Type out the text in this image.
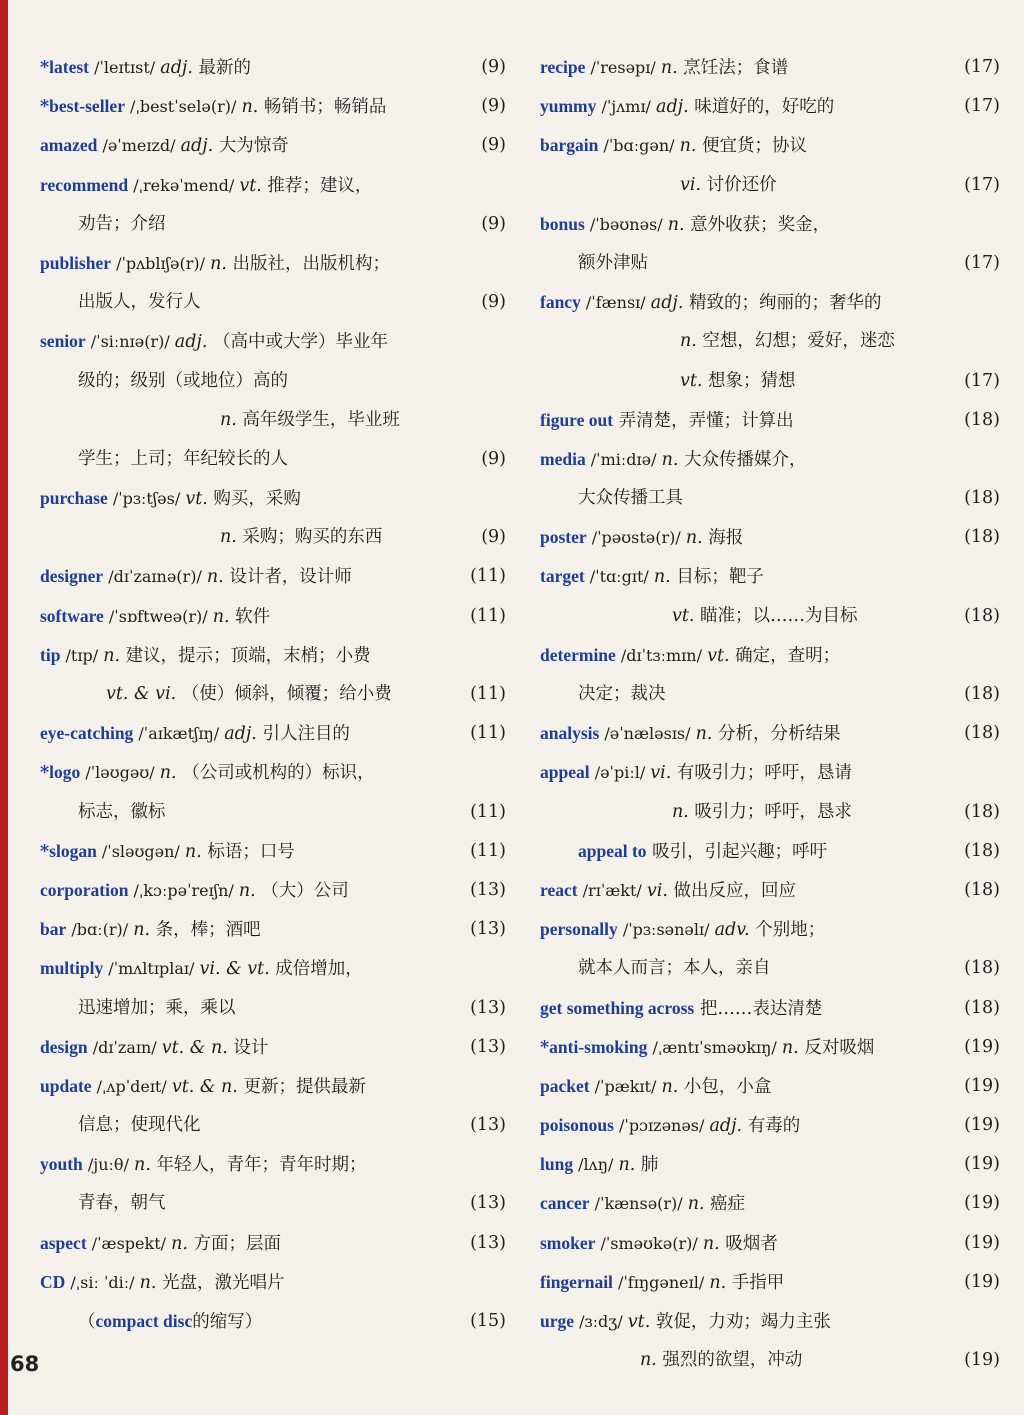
*latest /ˈleɪtɪst/ adj. 最新的	(9)
*best-seller /ˌbestˈselə(r)/ n. 畅销书；畅销品	(9)
amazed /əˈmeɪzd/ adj. 大为惊奇	(9)
recommend /ˌrekəˈmend/ vt. 推荐；建议，
劝告；介绍	(9)
publisher /ˈpʌblɪʃə(r)/ n. 出版社，出版机构；
出版人，发行人	(9)
senior /ˈsiːnɪə(r)/ adj. （高中或大学）毕业年
级的；级别（或地位）高的
n. 高年级学生，毕业班
学生；上司；年纪较长的人	(9)
purchase /ˈpɜːtʃəs/ vt. 购买，采购
n. 采购；购买的东西	(9)
designer /dɪˈzaɪnə(r)/ n. 设计者，设计师	(11)
software /ˈsɒftweə(r)/ n. 软件	(11)
tip /tɪp/ n. 建议，提示；顶端，末梢；小费
vt. & vi. （使）倾斜，倾覆；给小费	(11)
eye-catching /ˈaɪkætʃɪŋ/ adj. 引人注目的	(11)
*logo /ˈləʊgəʊ/ n. （公司或机构的）标识，
标志，徽标	(11)
*slogan /ˈsləʊgən/ n. 标语；口号	(11)
corporation /ˌkɔːpəˈreɪʃn/ n. （大）公司	(13)
bar /bɑː(r)/ n. 条，棒；酒吧	(13)
multiply /ˈmʌltɪplaɪ/ vi. & vt. 成倍增加，
迅速增加；乘，乘以	(13)
design /dɪˈzaɪn/ vt. & n. 设计	(13)
update /ˌʌpˈdeɪt/ vt. & n. 更新；提供最新
信息；使现代化	(13)
youth /juːθ/ n. 年轻人，青年；青年时期；
青春，朝气	(13)
aspect /ˈæspekt/ n. 方面；层面	(13)
CD /ˌsiː ˈdiː/ n. 光盘，激光唱片
（compact disc的缩写）	(15)
recipe /ˈresəpɪ/ n. 烹饪法；食谱	(17)
yummy /ˈjʌmɪ/ adj. 味道好的，好吃的	(17)
bargain /ˈbɑːgən/ n. 便宜货；协议
vi. 讨价还价	(17)
bonus /ˈbəʊnəs/ n. 意外收获；奖金，
额外津贴	(17)
fancy /ˈfænsɪ/ adj. 精致的；绚丽的；奢华的
n. 空想，幻想；爱好，迷恋
vt. 想象；猜想	(17)
figure out 弄清楚，弄懂；计算出	(18)
media /ˈmiːdɪə/ n. 大众传播媒介，
大众传播工具	(18)
poster /ˈpəʊstə(r)/ n. 海报	(18)
target /ˈtɑːgɪt/ n. 目标；靶子
vt. 瞄准；以……为目标	(18)
determine /dɪˈtɜːmɪn/ vt. 确定，查明；
决定；裁决	(18)
analysis /əˈnæləsɪs/ n. 分析，分析结果	(18)
appeal /əˈpiːl/ vi. 有吸引力；呼吁，恳请
n. 吸引力；呼吁，恳求	(18)
appeal to 吸引，引起兴趣；呼吁	(18)
react /rɪˈækt/ vi. 做出反应，回应	(18)
personally /ˈpɜːsənəlɪ/ adv. 个别地；
就本人而言；本人，亲自	(18)
get something across 把……表达清楚	(18)
*anti-smoking /ˌæntɪˈsməʊkɪŋ/ n. 反对吸烟	(19)
packet /ˈpækɪt/ n. 小包，小盒	(19)
poisonous /ˈpɔɪzənəs/ adj. 有毒的	(19)
lung /lʌŋ/ n. 肺	(19)
cancer /ˈkænsə(r)/ n. 癌症	(19)
smoker /ˈsməʊkə(r)/ n. 吸烟者	(19)
fingernail /ˈfɪŋgəneɪl/ n. 手指甲	(19)
urge /ɜːdʒ/ vt. 敦促，力劝；竭力主张
n. 强烈的欲望，冲动	(19)
68
